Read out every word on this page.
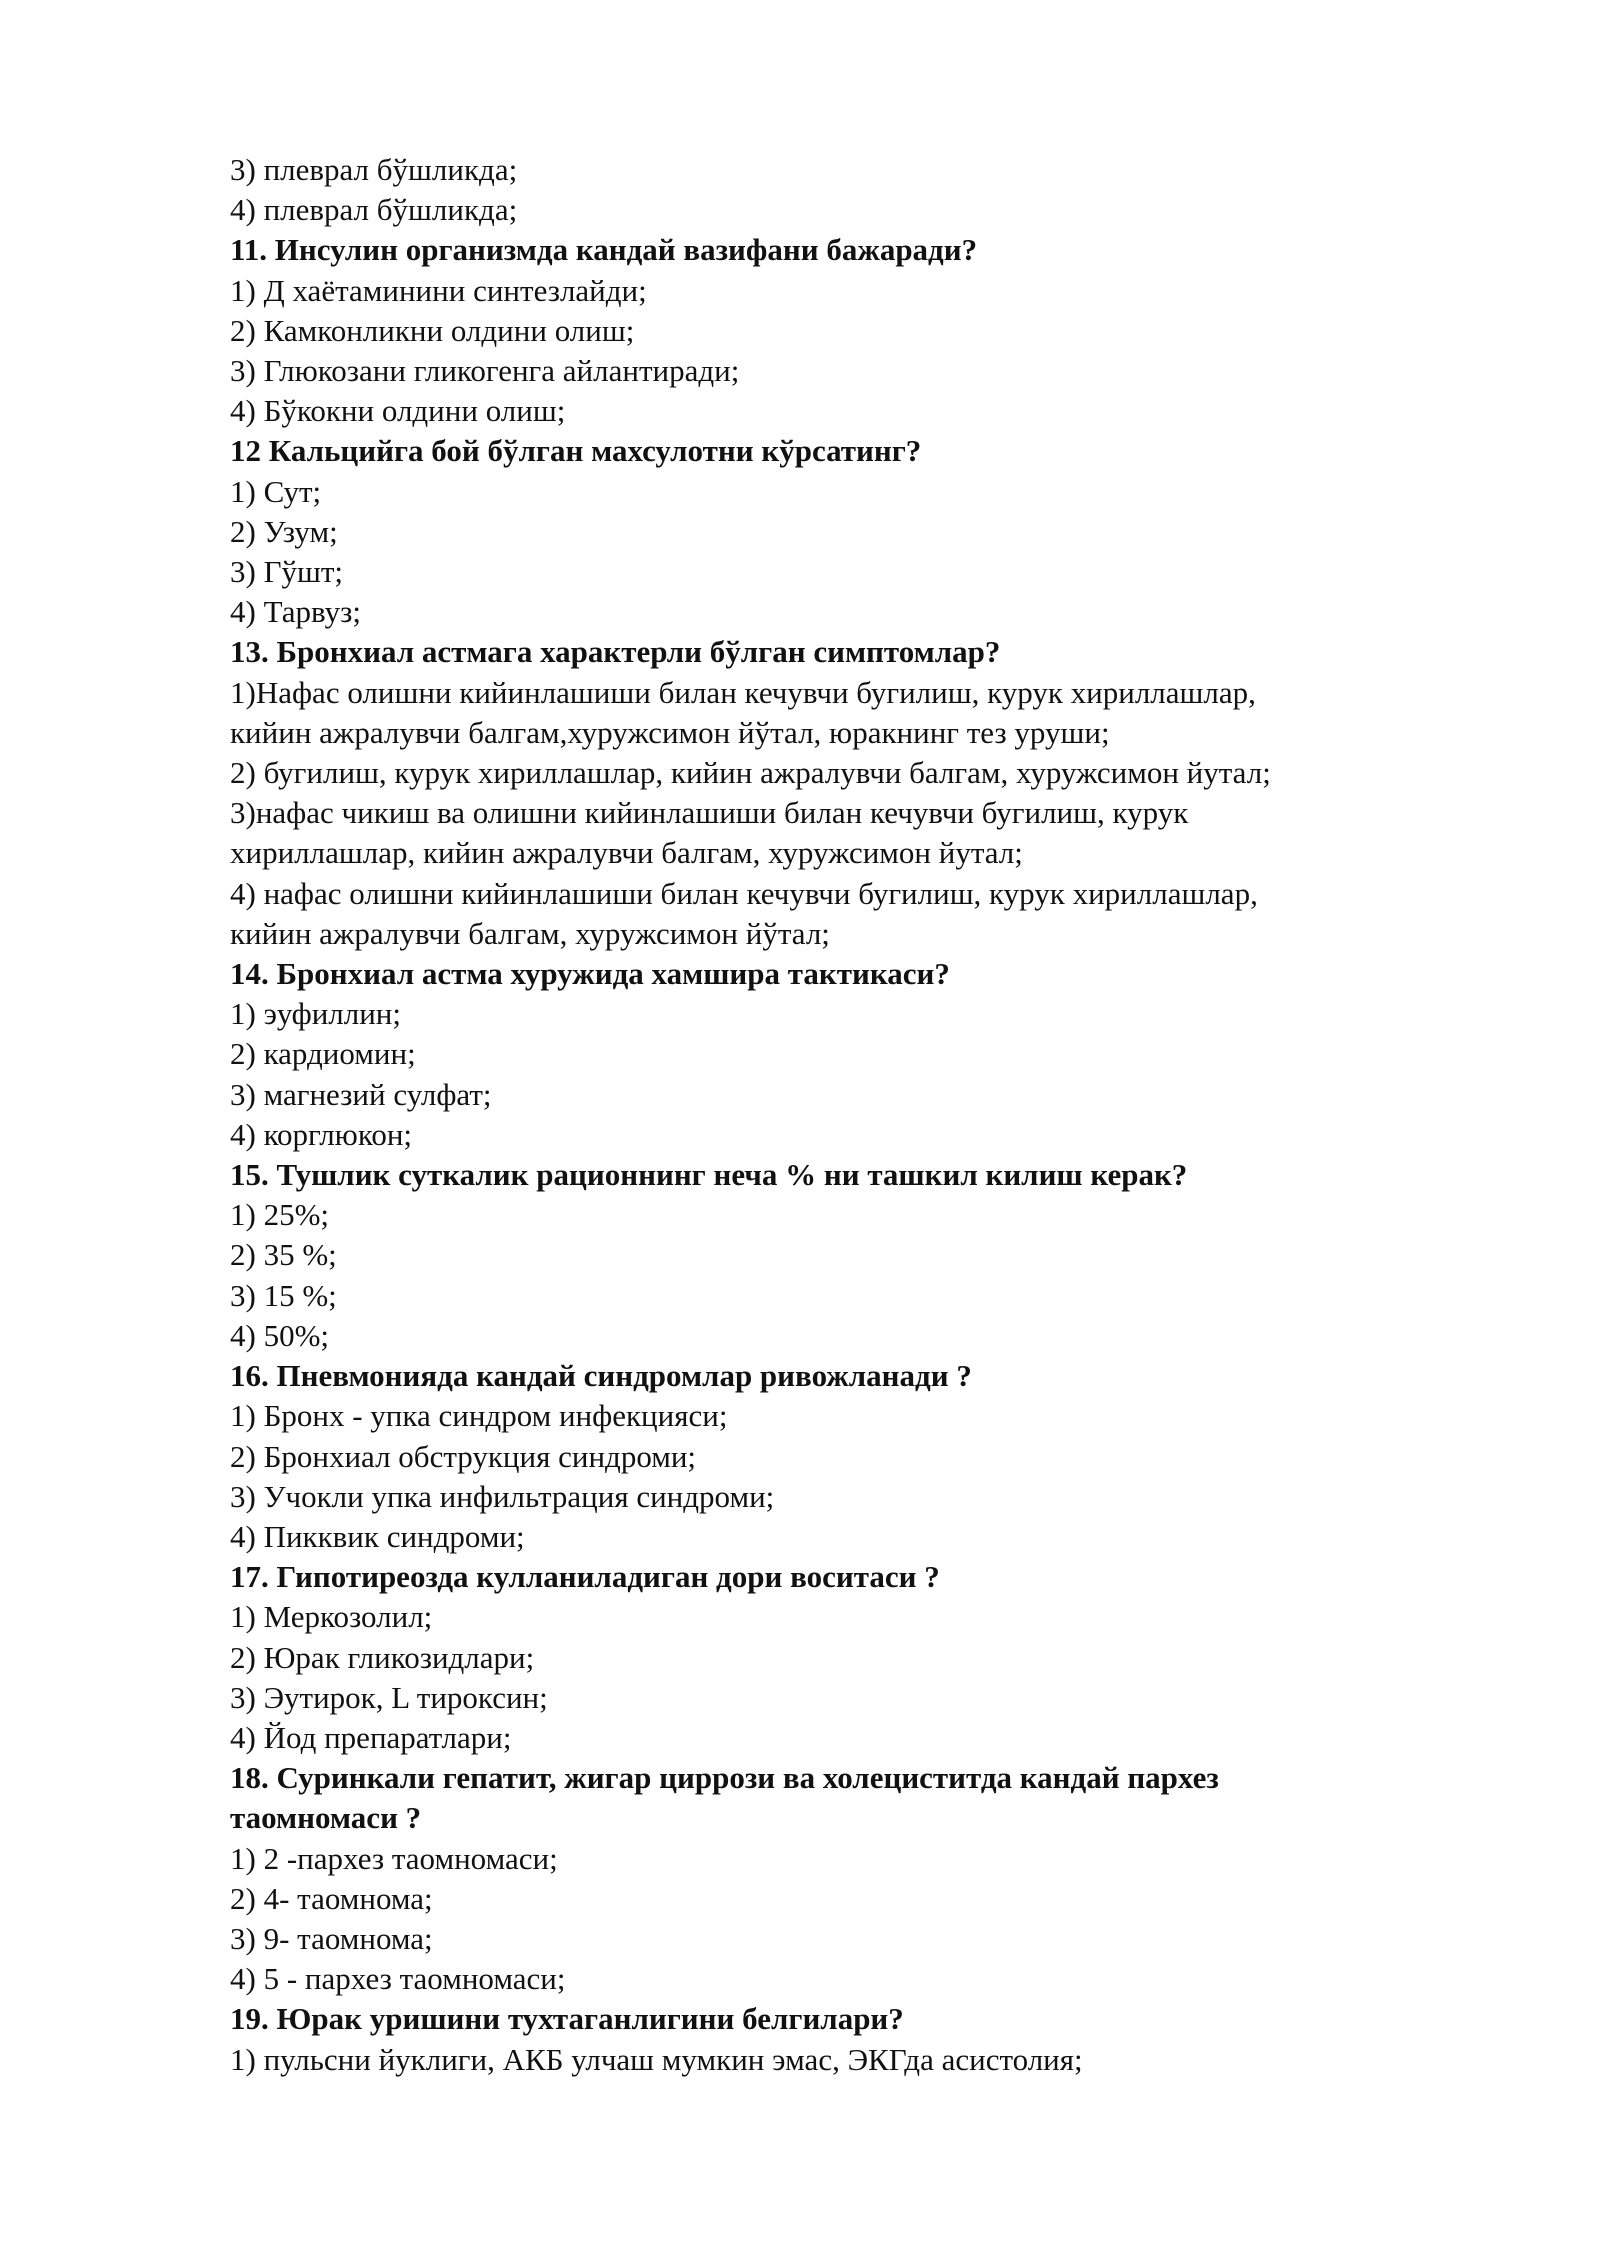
3) плеврал бўшликда;
4) плеврал бўшликда;
11. Инсулин организмда кандай вазифани бажаради?
1) Д хаётаминини синтезлайди;
2) Камконликни олдини олиш;
3) Глюкозани гликогенга айлантиради;
4) Бўкокни олдини олиш;
12 Кальцийга бой бўлган махсулотни кўрсатинг?
1) Сут;
2) Узум;
3) Гўшт;
4) Тарвуз;
13. Бронхиал астмага характерли бўлган симптомлар?
1)Нафас олишни кийинлашиши билан кечувчи бугилиш, курук хириллашлар,
кийин ажралувчи балгам,хуружсимон йўтал, юракнинг тез уруши;
2) бугилиш, курук хириллашлар, кийин ажралувчи балгам, хуружсимон йутал;
3)нафас чикиш ва олишни кийинлашиши билан кечувчи бугилиш, курук
хириллашлар, кийин ажралувчи балгам, хуружсимон йутал;
4) нафас олишни кийинлашиши билан кечувчи бугилиш, курук хириллашлар,
кийин ажралувчи балгам, хуружсимон йўтал;
14. Бронхиал астма хуружида хамшира тактикаси?
1) эуфиллин;
2) кардиомин;
3) магнезий сулфат;
4) корглюкон;
15. Тушлик суткалик рационнинг неча % ни ташкил килиш керак?
1) 25%;
2) 35 %;
3) 15 %;
4) 50%;
16. Пневмонияда кандай синдромлар ривожланади ?
1) Бронх - упка синдром инфекцияси;
2) Бронхиал обструкция синдроми;
3) Учокли упка инфильтрация синдроми;
4) Пикквик синдроми;
17. Гипотиреозда кулланиладиган дори воситаси ?
1) Меркозолил;
2) Юрак гликозидлари;
3) Эутирок, L тироксин;
4) Йод препаратлари;
18. Суринкали гепатит, жигар циррози ва холециститда кандай пархез
таомномаси ?
1) 2 -пархез таомномаси;
2) 4- таомнома;
3) 9- таомнома;
4) 5 - пархез таомномаси;
19. Юрак уришини тухтаганлигини белгилари?
1) пульсни йуклиги, АКБ улчаш мумкин эмас, ЭКГда асистолия;
